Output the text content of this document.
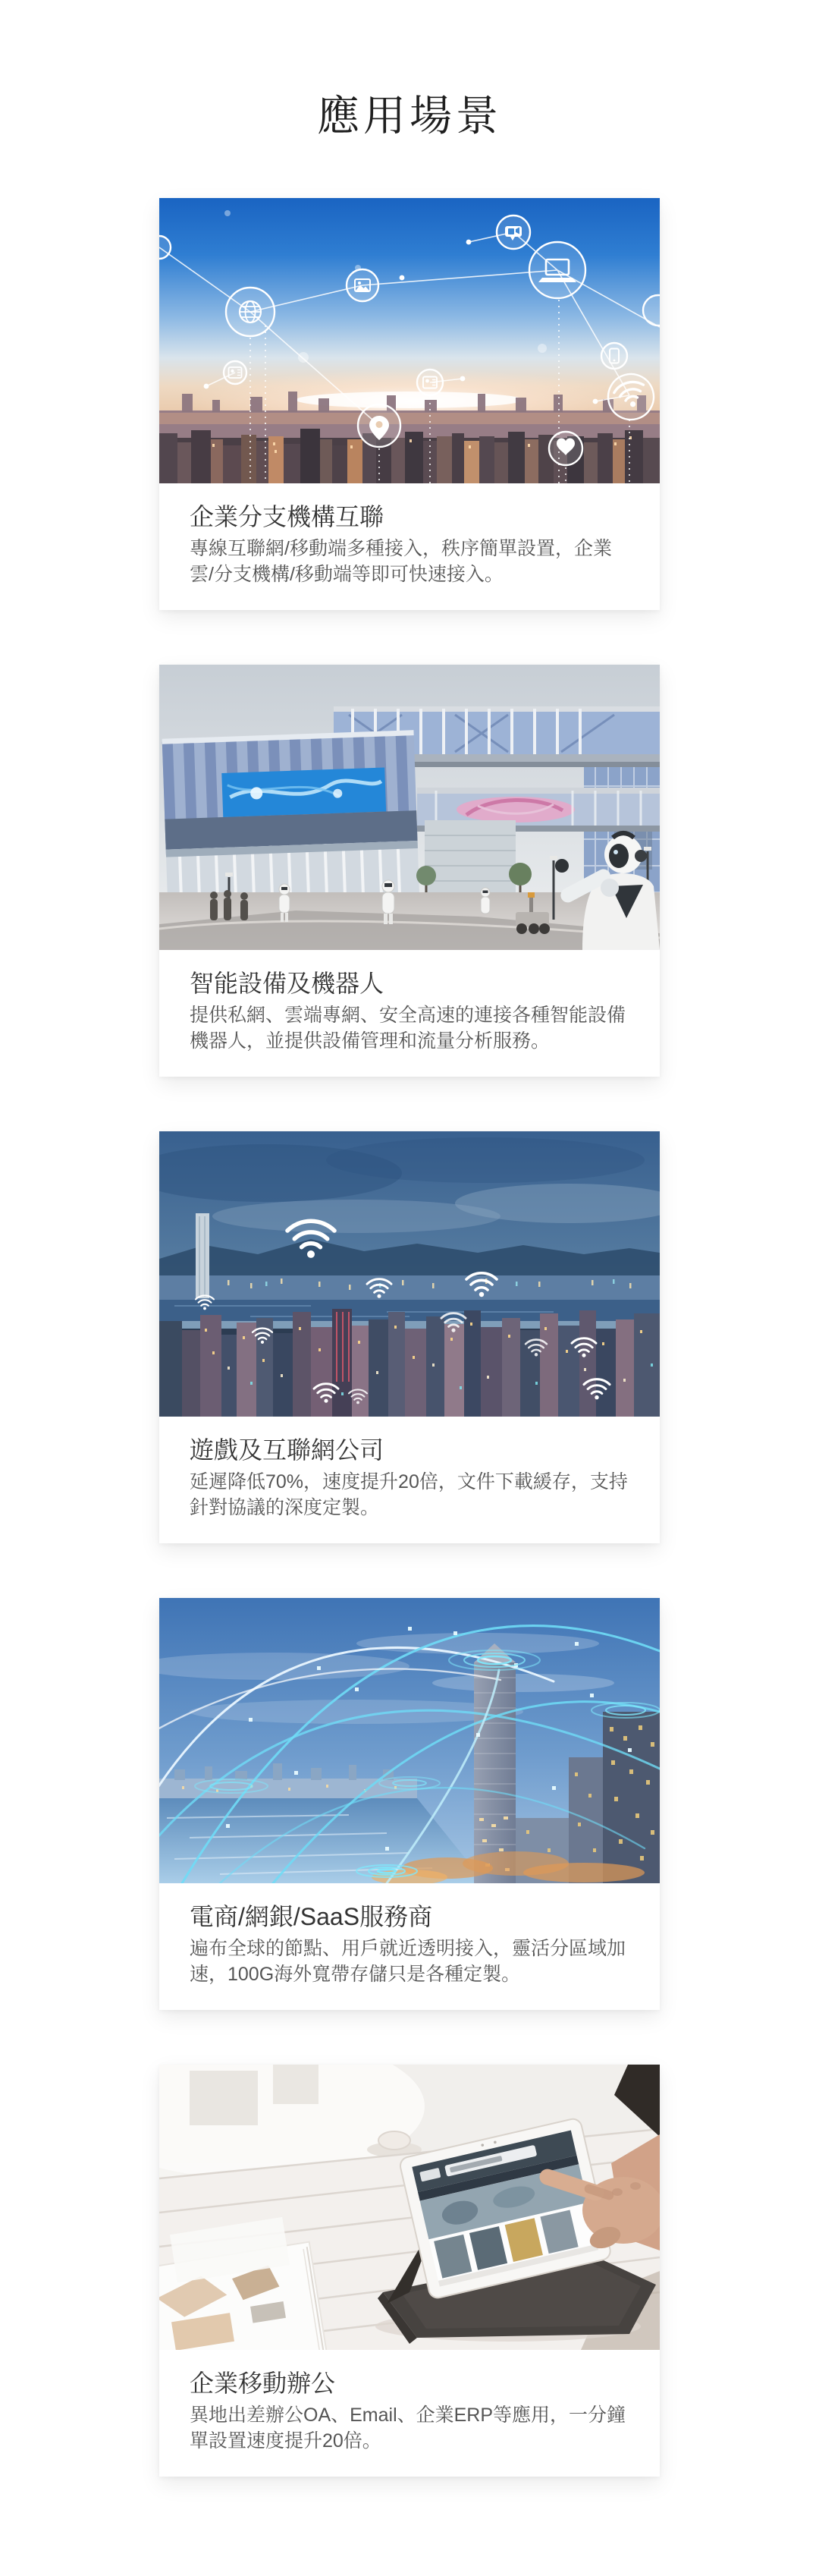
應用場景
企業分支機構互聯
專線互聯網/移動端多種接入，秩序簡單設置，企業雲/分支機構/移動端等即可快速接入。
智能設備及機器人
提供私網、雲端專網、安全高速的連接各種智能設備機器人，並提供設備管理和流量分析服務。
遊戲及互聯網公司
延遲降低70%，速度提升20倍，文件下載緩存，支持針對協議的深度定製。
電商/網銀/SaaS服務商
遍布全球的節點、用戶就近透明接入，靈活分區域加速，100G海外寬帶存儲只是各種定製。
企業移動辦公
異地出差辦公OA、Email、企業ERP等應用，一分鐘單設置速度提升20倍。
